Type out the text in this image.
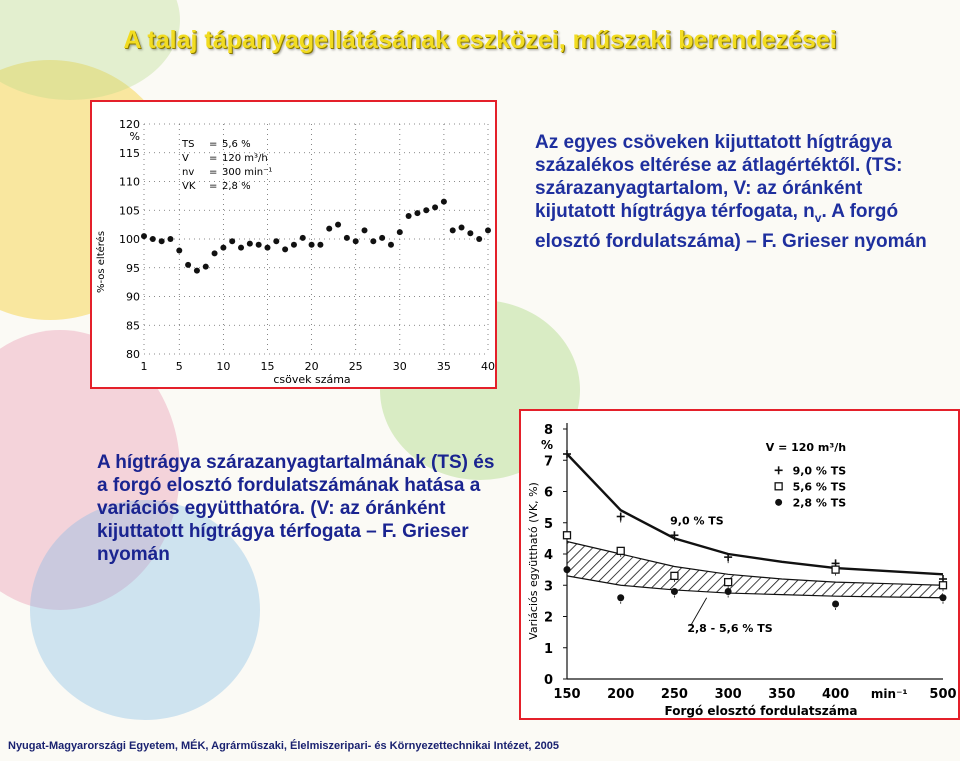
A talaj tápanyagellátásának eszközei, műszaki berendezései
80
85
90
95
100
105
110
115
120
1	5	10	15	20	25	30	35	40
%
csövek száma
%-os eltérés
TS = 5,6 %
V = 120 m³/h
nv = 300 min⁻¹
VK = 2,8 %
Az egyes csöveken kijuttatott hígtrágya százalékos eltérése az átlagértéktől. (TS: szárazanyagtartalom, V: az óránként kijutatott hígtrágya térfogata, $n_v$. A forgó elosztó fordulatszáma) – F. Grieser nyomán
A hígtrágya szárazanyagtartalmának (TS) és a forgó elosztó fordulatszámának hatása a variációs együtthatóra. (V: az óránként kijuttatott hígtrágya térfogata – F. Grieser nyomán
0
1
2
3
4
5
6
7
8
%
150 200 250 300 350 400	500
min⁻¹
Forgó elosztó fordulatszáma
Variációs együttható (VK, %)
V = 120 m³/h
9,0 % TS
5,6 % TS
2,8 % TS
9,0 % TS
2,8 - 5,6 % TS
Nyugat-Magyarországi Egyetem, MÉK, Agrárműszaki, Élelmiszeripari- és Környezettechnikai Intézet, 2005
